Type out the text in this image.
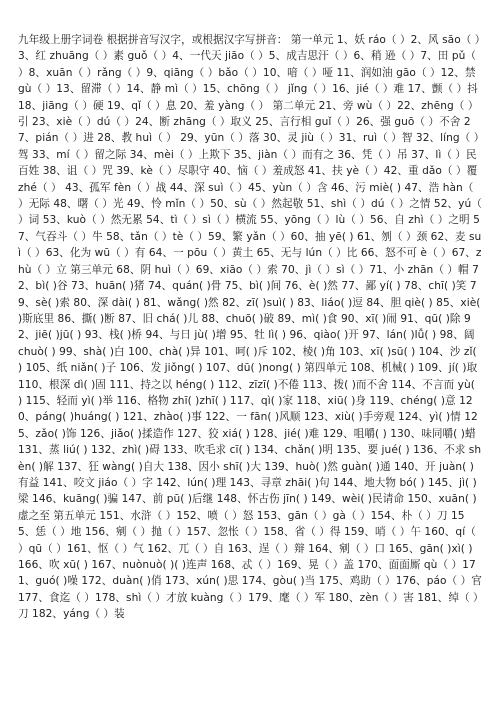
九年级上册字词卷 根据拼音写汉字，或根据汉字写拼音： 第一单元 1、妖 ráo（ ）2、风 sāo（ ）3、红 zhuāng（ ）素 guǒ（ ）4、一代天 jiāo（ ）5、成吉思汗（ ）6、稍 逊（ ）7、田 pǔ（ ）8、xuān（ ）rǎng（ ）9、qiāng（ ）bǎo（ ）10、喑（ ）哑 11、润如油 gāo（ ）12、禁 gù（ ）13、留滞（ ）14、静 mì（ ）15、chōng（ ） jǐng（ ）16、jié（ ）难 17、颤（ ）抖 18、jiāng（ ）硬 19、qǐ（ ）息 20、羞 yàng（ ） 第二单元 21、旁 wù（ ）22、zhēng（ ）引 23、xiè（ ）dú（ ）24、断 zhāng（ ）取义 25、言行相 guǐ（ ）26、强 guō（ ）不舍 27、pián（ ）进 28、教 huì（ ） 29、yūn（ ）落 30、灵 jiù（ ）31、ruì（ ）智 32、líng（ ）驾 33、mí（ ）留之际 34、mèi（ ）上欺下 35、jiàn（ ）而有之 36、凭（ ）吊 37、lì（ ）民百姓 38、诅（ ）咒 39、kè（ ）尽职守 40、恼（ ）羞成怒 41、扶 yè（ ）42、重 dǎo（ ）覆 zhé（ ） 43、孤军 fèn（ ）战 44、深 suì（ ）45、yùn（ ）含 46、污 miè( ) 47、浩 hàn（ ）无际 48、曙（ ）光 49、怜 mǐn（ ）50、sù（ ）然起敬 51、shì（ ）dú（ ）之情 52、yú（ ）词 53、kuò（ ）然无累 54、tì（ ）sì（ ）横流 55、yōng（ ）lù（ ）56、自 zhì（ ）之明 57、气吞斗（ ）牛 58、tǎn（ ）tè（ ）59、繁 yǎn（ ）60、抽 yē( ) 61、刎（ ）颈 62、麦 suì（ ）63、化为 wū（ ）有 64、一 pōu（ ）黄土 65、无与 lún（ ）比 66、怒不可 è（ ）67、zhù（ ）立 第三单元 68、阴 huì（ ）69、xiāo（ ）索 70、jì（ ）sì（ ）71、小 zhān（ ）帽 72、bì( )谷 73、huān( )猪 74、quán( )骨 75、bì( )间 76、è( )然 77、鄙 yí( ) 78、chī( )笑 79、sè( )索 80、深 dài( ) 81、wǎng( )然 82、zī( )suì( ) 83、liáo( )逗 84、胆 qiè( ) 85、xiè( )斯底里 86、撕( )断 87、旧 chá( )儿 88、chuō( )破 89、mì( )食 90、xī( )闹 91、qū( )除 92、jiē( )jū( ) 93、栈( )桥 94、与日 jù( )增 95、牡 lì( ) 96、qiào( )开 97、lán( )lǚ( ) 98、阔 chuò( ) 99、shà( )白 100、chà( )异 101、呵( )斥 102、棱( )角 103、xī( )sū( ) 104、沙 zǐ( ) 105、纸 niǎn( )子 106、发 jiǒng( ) 107、dū( )nong( ) 第四单元 108、机械( ) 109、jí( )取 110、根深 dì( )固 111、持之以 héng( ) 112、zīzī( )不倦 113、拨( )而不舍 114、不言而 yù( ) 115、轻而 yì( )举 116、格物 zhī( )zhī( ) 117、qì( )家 118、xiū( )身 119、chéng( )意 120、páng( )huáng( ) 121、zhào( )事 122、一 fān( )风顺 123、xiù( )手旁观 124、yì( )情 125、zǎo( )饰 126、jiǎo( )揉造作 127、狡 xiá( ) 128、jié( )难 129、咀嚼( ) 130、味同嚼( )蜡 131、蒸 liú( ) 132、zhì( )碍 133、吹毛求 cī( ) 134、chǎn( )明 135、要 jué( ) 136、不求 shèn( )解 137、狂 wàng( )自大 138、因小 shī( )大 139、huò( )然 guàn( )通 140、开 juàn( )有益 141、咬文 jiáo（ ）字 142、lún( )理 143、寻章 zhāi( )句 144、地大物 bó( ) 145、jì( )梁 146、kuāng( )骗 147、前 pū( )后继 148、怀古伤 jīn( ) 149、wèi( )民请命 150、xuān( )虚之至 第五单元 151、水浒（ ）152、喷（ ）怒 153、gān（ ）gà（ ）154、朴（ ）刀 155、恁（ ）地 156、剜（ ）抛（ ）157、忽怅（ ）158、省（ ）得 159、哨（ ）午 160、qí（ ）qū（ ）161、怄（ ）气 162、兀（ ）自 163、逞（ ）辩 164、剜（ ）口 165、gān( )xì( ) 166、吹 xū( ) 167、nuònuò( )( )连声 168、忒（ ）169、晃（ ）盖 170、面面厮 qù（ ）171、guó( )噪 172、duàn( )俏 173、xún( )思 174、gòu( )当 175、鸡助（ ）176、páo（ ）官 177、食迄（ ）178、shì（ ）才放 kuàng（ ）179、麾（ ）军 180、zèn（ ）害 181、绰（ ）刀 182、yáng（ ）装
